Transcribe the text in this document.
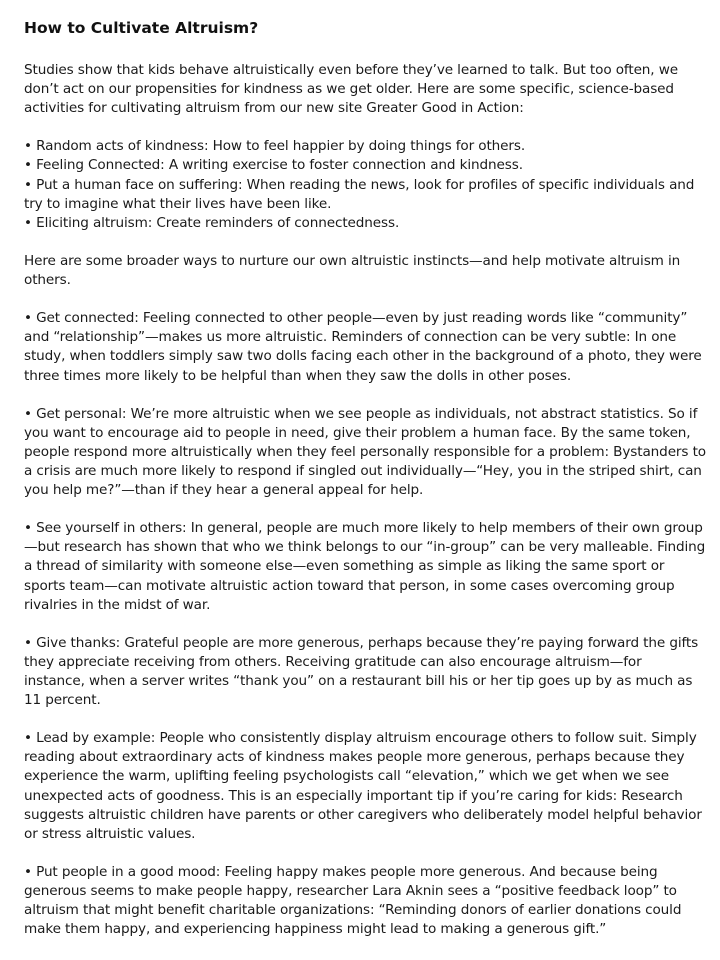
How to Cultivate Altruism?

Studies show that kids behave altruistically even before they’ve learned to talk. But too often, we don’t act on our propensities for kindness as we get older. Here are some specific, science-based activities for cultivating altruism from our new site Greater Good in Action:

• Random acts of kindness: How to feel happier by doing things for others.

• Feeling Connected: A writing exercise to foster connection and kindness.

• Put a human face on suffering: When reading the news, look for profiles of specific individuals and try to imagine what their lives have been like.

• Eliciting altruism: Create reminders of connectedness.

Here are some broader ways to nurture our own altruistic instincts—and help motivate altruism in others.

• Get connected: Feeling connected to other people—even by just reading words like “community” and “relationship”—makes us more altruistic. Reminders of connection can be very subtle: In one study, when toddlers simply saw two dolls facing each other in the background of a photo, they were three times more likely to be helpful than when they saw the dolls in other poses.

• Get personal: We’re more altruistic when we see people as individuals, not abstract statistics. So if you want to encourage aid to people in need, give their problem a human face. By the same token, people respond more altruistically when they feel personally responsible for a problem: Bystanders to a crisis are much more likely to respond if singled out individually—“Hey, you in the striped shirt, can you help me?”—than if they hear a general appeal for help.

• See yourself in others: In general, people are much more likely to help members of their own group—but research has shown that who we think belongs to our “in-group” can be very malleable. Finding a thread of similarity with someone else—even something as simple as liking the same sport or sports team—can motivate altruistic action toward that person, in some cases overcoming group rivalries in the midst of war.

• Give thanks: Grateful people are more generous, perhaps because they’re paying forward the gifts they appreciate receiving from others. Receiving gratitude can also encourage altruism—for instance, when a server writes “thank you” on a restaurant bill his or her tip goes up by as much as 11 percent.

• Lead by example: People who consistently display altruism encourage others to follow suit. Simply reading about extraordinary acts of kindness makes people more generous, perhaps because they experience the warm, uplifting feeling psychologists call “elevation,” which we get when we see unexpected acts of goodness. This is an especially important tip if you’re caring for kids: Research suggests altruistic children have parents or other caregivers who deliberately model helpful behavior or stress altruistic values.

• Put people in a good mood: Feeling happy makes people more generous. And because being generous seems to make people happy, researcher Lara Aknin sees a “positive feedback loop” to altruism that might benefit charitable organizations: “Reminding donors of earlier donations could make them happy, and experiencing happiness might lead to making a generous gift.”
